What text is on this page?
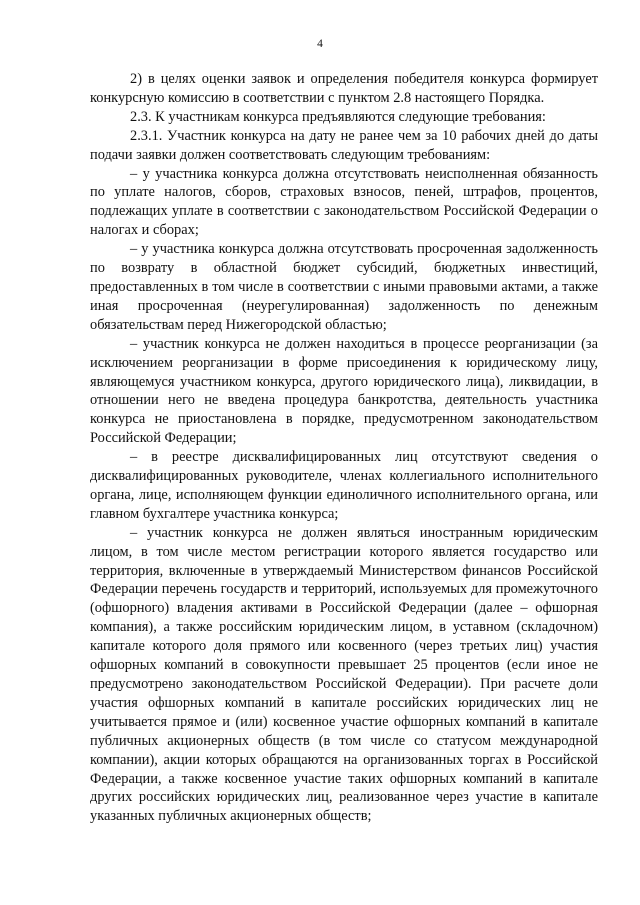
4

2) в целях оценки заявок и определения победителя конкурса формирует конкурсную комиссию в соответствии с пунктом 2.8 настоящего Порядка.

2.3. К участникам конкурса предъявляются следующие требования:

2.3.1. Участник конкурса на дату не ранее чем за 10 рабочих дней до даты подачи заявки должен соответствовать следующим требованиям:

– у участника конкурса должна отсутствовать неисполненная обязанность по уплате налогов, сборов, страховых взносов, пеней, штрафов, процентов, подлежащих уплате в соответствии с законодательством Российской Федерации о налогах и сборах;

– у участника конкурса должна отсутствовать просроченная задолженность по возврату в областной бюджет субсидий, бюджетных инвестиций, предоставленных в том числе в соответствии с иными правовыми актами, а также иная просроченная (неурегулированная) задолженность по денежным обязательствам перед Нижегородской областью;

– участник конкурса не должен находиться в процессе реорганизации (за исключением реорганизации в форме присоединения к юридическому лицу, являющемуся участником конкурса, другого юридического лица), ликвидации, в отношении него не введена процедура банкротства, деятельность участника конкурса не приостановлена в порядке, предусмотренном законодательством Российской Федерации;

– в реестре дисквалифицированных лиц отсутствуют сведения о дисквалифицированных руководителе, членах коллегиального исполнительного органа, лице, исполняющем функции единоличного исполнительного органа, или главном бухгалтере участника конкурса;

– участник конкурса не должен являться иностранным юридическим лицом, в том числе местом регистрации которого является государство или территория, включенные в утверждаемый Министерством финансов Российской Федерации перечень государств и территорий, используемых для промежуточного (офшорного) владения активами в Российской Федерации (далее – офшорная компания), а также российским юридическим лицом, в уставном (складочном) капитале которого доля прямого или косвенного (через третьих лиц) участия офшорных компаний в совокупности превышает 25 процентов (если иное не предусмотрено законодательством Российской Федерации). При расчете доли участия офшорных компаний в капитале российских юридических лиц не учитывается прямое и (или) косвенное участие офшорных компаний в капитале публичных акционерных обществ (в том числе со статусом международной компании), акции которых обращаются на организованных торгах в Российской Федерации, а также косвенное участие таких офшорных компаний в капитале других российских юридических лиц, реализованное через участие в капитале указанных публичных акционерных обществ;
